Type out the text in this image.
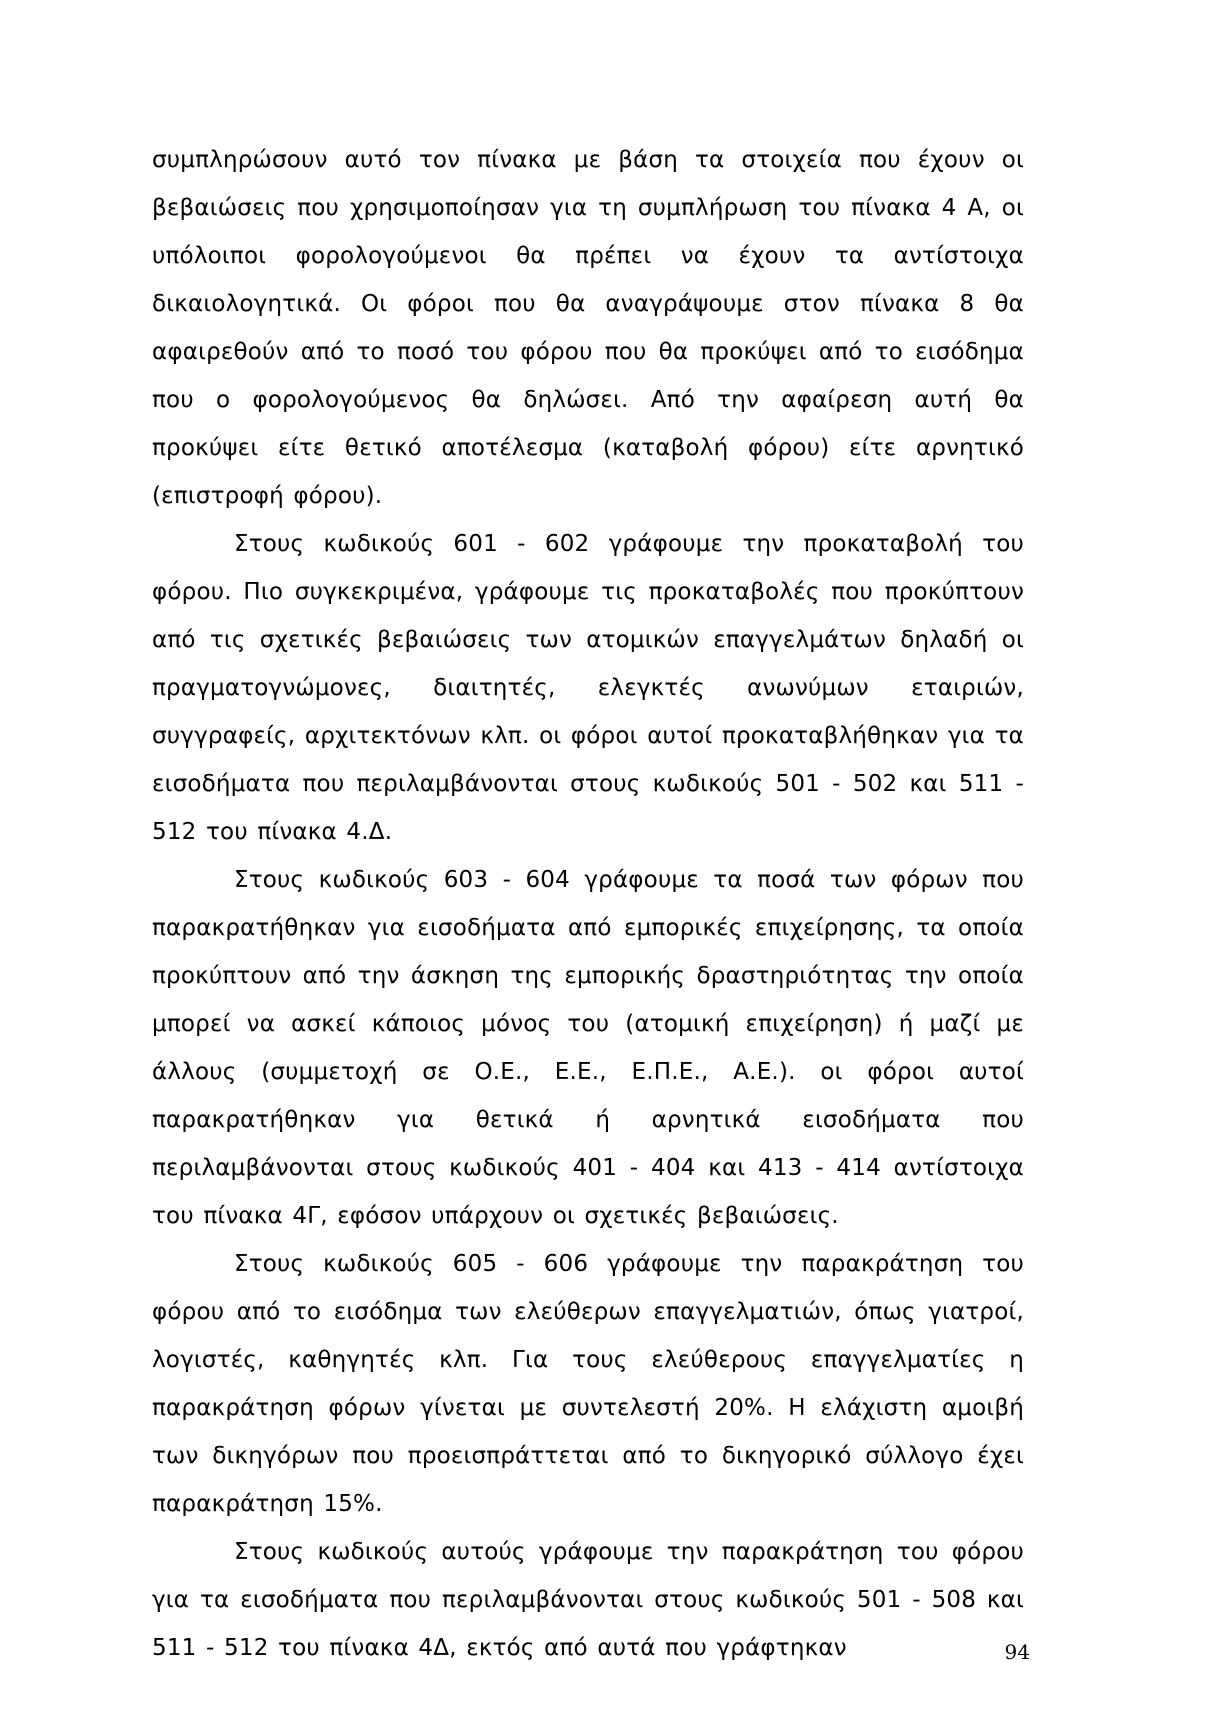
συμπληρώσουν αυτό τον πίνακα με βάση τα στοιχεία που έχουν οι βεβαιώσεις που χρησιμοποίησαν για τη συμπλήρωση του πίνακα 4 Α, οι υπόλοιποι φορολογούμενοι θα πρέπει να έχουν τα αντίστοιχα δικαιολογητικά. Οι φόροι που θα αναγράψουμε στον πίνακα 8 θα αφαιρεθούν από το ποσό του φόρου που θα προκύψει από το εισόδημα που ο φορολογούμενος θα δηλώσει. Από την αφαίρεση αυτή θα προκύψει είτε θετικό αποτέλεσμα (καταβολή φόρου) είτε αρνητικό (επιστροφή φόρου).

Στους κωδικούς 601 - 602 γράφουμε την προκαταβολή του φόρου. Πιο συγκεκριμένα, γράφουμε τις προκαταβολές που προκύπτουν από τις σχετικές βεβαιώσεις των ατομικών επαγγελμάτων δηλαδή οι πραγματογνώμονες, διαιτητές, ελεγκτές ανωνύμων εταιριών, συγγραφείς, αρχιτεκτόνων κλπ. οι φόροι αυτοί προκαταβλήθηκαν για τα εισοδήματα που περιλαμβάνονται στους κωδικούς 501 - 502 και 511 - 512 του πίνακα 4.Δ.

Στους κωδικούς 603 - 604 γράφουμε τα ποσά των φόρων που παρακρατήθηκαν για εισοδήματα από εμπορικές επιχείρησης, τα οποία προκύπτουν από την άσκηση της εμπορικής δραστηριότητας την οποία μπορεί να ασκεί κάποιος μόνος του (ατομική επιχείρηση) ή μαζί με άλλους (συμμετοχή σε Ο.Ε., Ε.Ε., Ε.Π.Ε., Α.Ε.). οι φόροι αυτοί παρακρατήθηκαν για θετικά ή αρνητικά εισοδήματα που περιλαμβάνονται στους κωδικούς 401 - 404 και 413 - 414 αντίστοιχα του πίνακα 4Γ, εφόσον υπάρχουν οι σχετικές βεβαιώσεις.

Στους κωδικούς 605 - 606 γράφουμε την παρακράτηση του φόρου από το εισόδημα των ελεύθερων επαγγελματιών, όπως γιατροί, λογιστές, καθηγητές κλπ. Για τους ελεύθερους επαγγελματίες η παρακράτηση φόρων γίνεται με συντελεστή 20%. Η ελάχιστη αμοιβή των δικηγόρων που προεισπράττεται από το δικηγορικό σύλλογο έχει παρακράτηση 15%.

Στους κωδικούς αυτούς γράφουμε την παρακράτηση του φόρου για τα εισοδήματα που περιλαμβάνονται στους κωδικούς 501 - 508 και 511 - 512 του πίνακα 4Δ, εκτός από αυτά που γράφτηκαν	94
